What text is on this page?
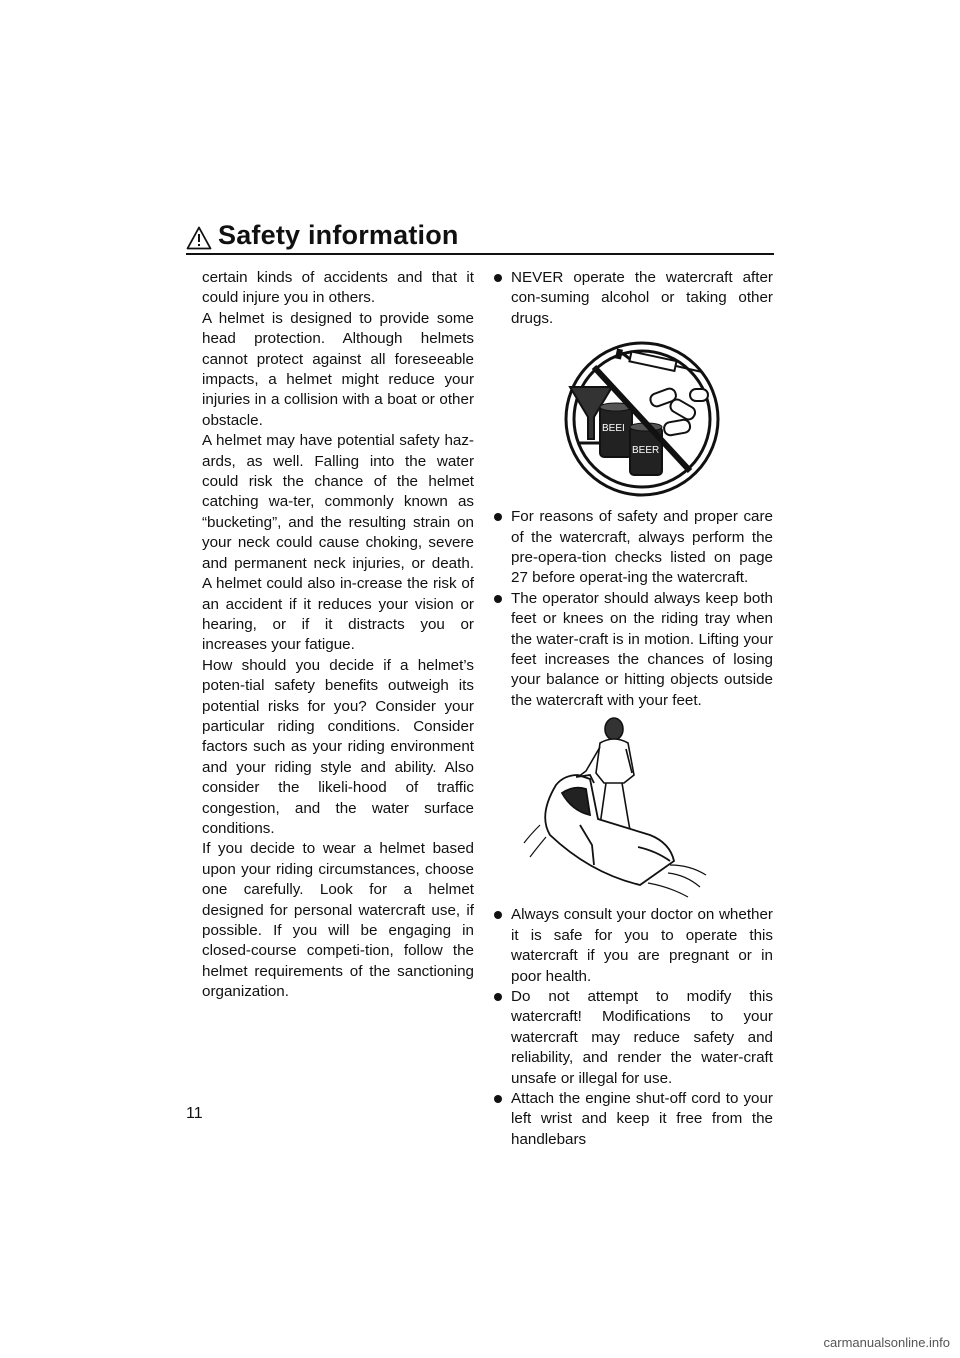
Safety information

certain kinds of accidents and that it could injure you in others.

A helmet is designed to provide some head protection. Although helmets cannot protect against all foreseeable impacts, a helmet might reduce your injuries in a collision with a boat or other obstacle.

A helmet may have potential safety haz-ards, as well. Falling into the water could risk the chance of the helmet catching wa-ter, commonly known as “bucketing”, and the resulting strain on your neck could cause choking, severe and permanent neck injuries, or death. A helmet could also in-crease the risk of an accident if it reduces your vision or hearing, or if it distracts you or increases your fatigue.

How should you decide if a helmet’s poten-tial safety benefits outweigh its potential risks for you? Consider your particular riding conditions. Consider factors such as your riding environment and your riding style and ability. Also consider the likeli-hood of traffic congestion, and the water surface conditions.

If you decide to wear a helmet based upon your riding circumstances, choose one carefully. Look for a helmet designed for personal watercraft use, if possible. If you will be engaging in closed-course competi-tion, follow the helmet requirements of the sanctioning organization.

NEVER operate the watercraft after con-suming alcohol or taking other drugs.
BEEI
BEER
For reasons of safety and proper care of the watercraft, always perform the pre-opera-tion checks listed on page 27 before operat-ing the watercraft.
The operator should always keep both feet or knees on the riding tray when the water-craft is in motion. Lifting your feet increases the chances of losing your balance or hitting objects outside the watercraft with your feet.
Always consult your doctor on whether it is safe for you to operate this watercraft if you are pregnant or in poor health.
Do not attempt to modify this watercraft! Modifications to your watercraft may reduce safety and reliability, and render the water-craft unsafe or illegal for use.
Attach the engine shut-off cord to your left wrist and keep it free from the handlebars
11
carmanualsonline.info
